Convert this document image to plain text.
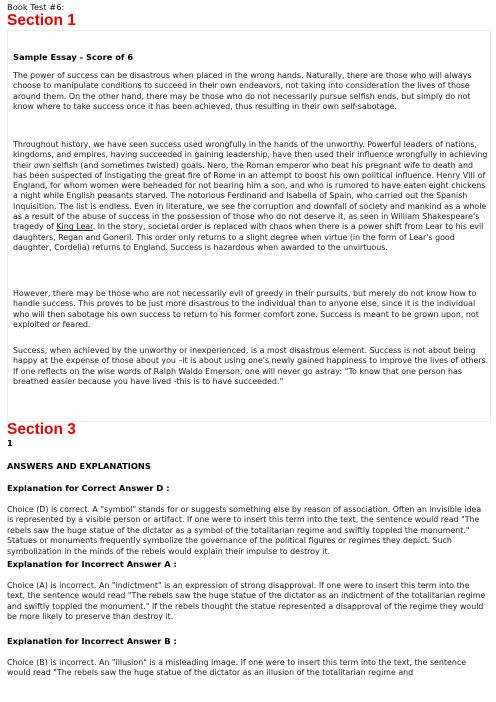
Book Test #6:
Section 1
Sample Essay - Score of 6

The power of success can be disastrous when placed in the wrong hands. Naturally, there are those who will always choose to manipulate conditions to succeed in their own endeavors, not taking into consideration the lives of those around them. On the other hand, there may be those who do not necessarily pursue selfish ends, but simply do not know where to take success once it has been achieved, thus resulting in their own self-sabotage.

Throughout history, we have seen success used wrongfully in the hands of the unworthy. Powerful leaders of nations, kingdoms, and empires, having succeeded in gaining leadership, have then used their influence wrongfully in achieving their own selfish (and sometimes twisted) goals. Nero, the Roman emperor who beat his pregnant wife to death and has been suspected of instigating the great fire of Rome in an attempt to boost his own political influence. Henry VIII of England, for whom women were beheaded for not bearing him a son, and who is rumored to have eaten eight chickens a night while English peasants starved. The notorious Ferdinand and Isabella of Spain, who carried out the Spanish Inquisition. The list is endless. Even in literature, we see the corruption and downfall of society and mankind as a whole as a result of the abuse of success in the possession of those who do not deserve it, as seen in William Shakespeare's tragedy of King Lear. In the story, societal order is replaced with chaos when there is a power shift from Lear to his evil daughters, Regan and Goneril. This order only returns to a slight degree when virtue (in the form of Lear's good daughter, Cordelia) returns to England. Success is hazardous when awarded to the unvirtuous.

However, there may be those who are not necessarily evil of greedy in their pursuits, but merely do not know how to handle success. This proves to be just more disastrous to the individual than to anyone else, since it is the individual who will then sabotage his own success to return to his former comfort zone. Success is meant to be grown upon, not exploited or feared.

Success, when achieved by the unworthy or inexperienced, is a most disastrous element. Success is not about being happy at the expense of those about you –it is about using one's newly gained happiness to improve the lives of others. If one reflects on the wise words of Ralph Waldo Emerson, one will never go astray: “To know that one person has breathed easier because you have lived -this is to have succeeded.”

Section 3
1
ANSWERS AND EXPLANATIONS
Explanation for Correct Answer D :

Choice (D) is correct. A "symbol" stands for or suggests something else by reason of association. Often an invisible idea is represented by a visible person or artifact. If one were to insert this term into the text, the sentence would read "The rebels saw the huge statue of the dictator as a symbol of the totalitarian regime and swiftly toppled the monument." Statues or monuments frequently symbolize the governance of the political figures or regimes they depict. Such symbolization in the minds of the rebels would explain their impulse to destroy it.

Explanation for Incorrect Answer A :

Choice (A) is incorrect. An "indictment" is an expression of strong disapproval. If one were to insert this term into the text, the sentence would read "The rebels saw the huge statue of the dictator as an indictment of the totalitarian regime and swiftly toppled the monument." If the rebels thought the statue represented a disapproval of the regime they would be more likely to preserve than destroy it.

Explanation for Incorrect Answer B :

Choice (B) is incorrect. An "illusion" is a misleading image. If one were to insert this term into the text, the sentence would read "The rebels saw the huge statue of the dictator as an illusion of the totalitarian regime and
